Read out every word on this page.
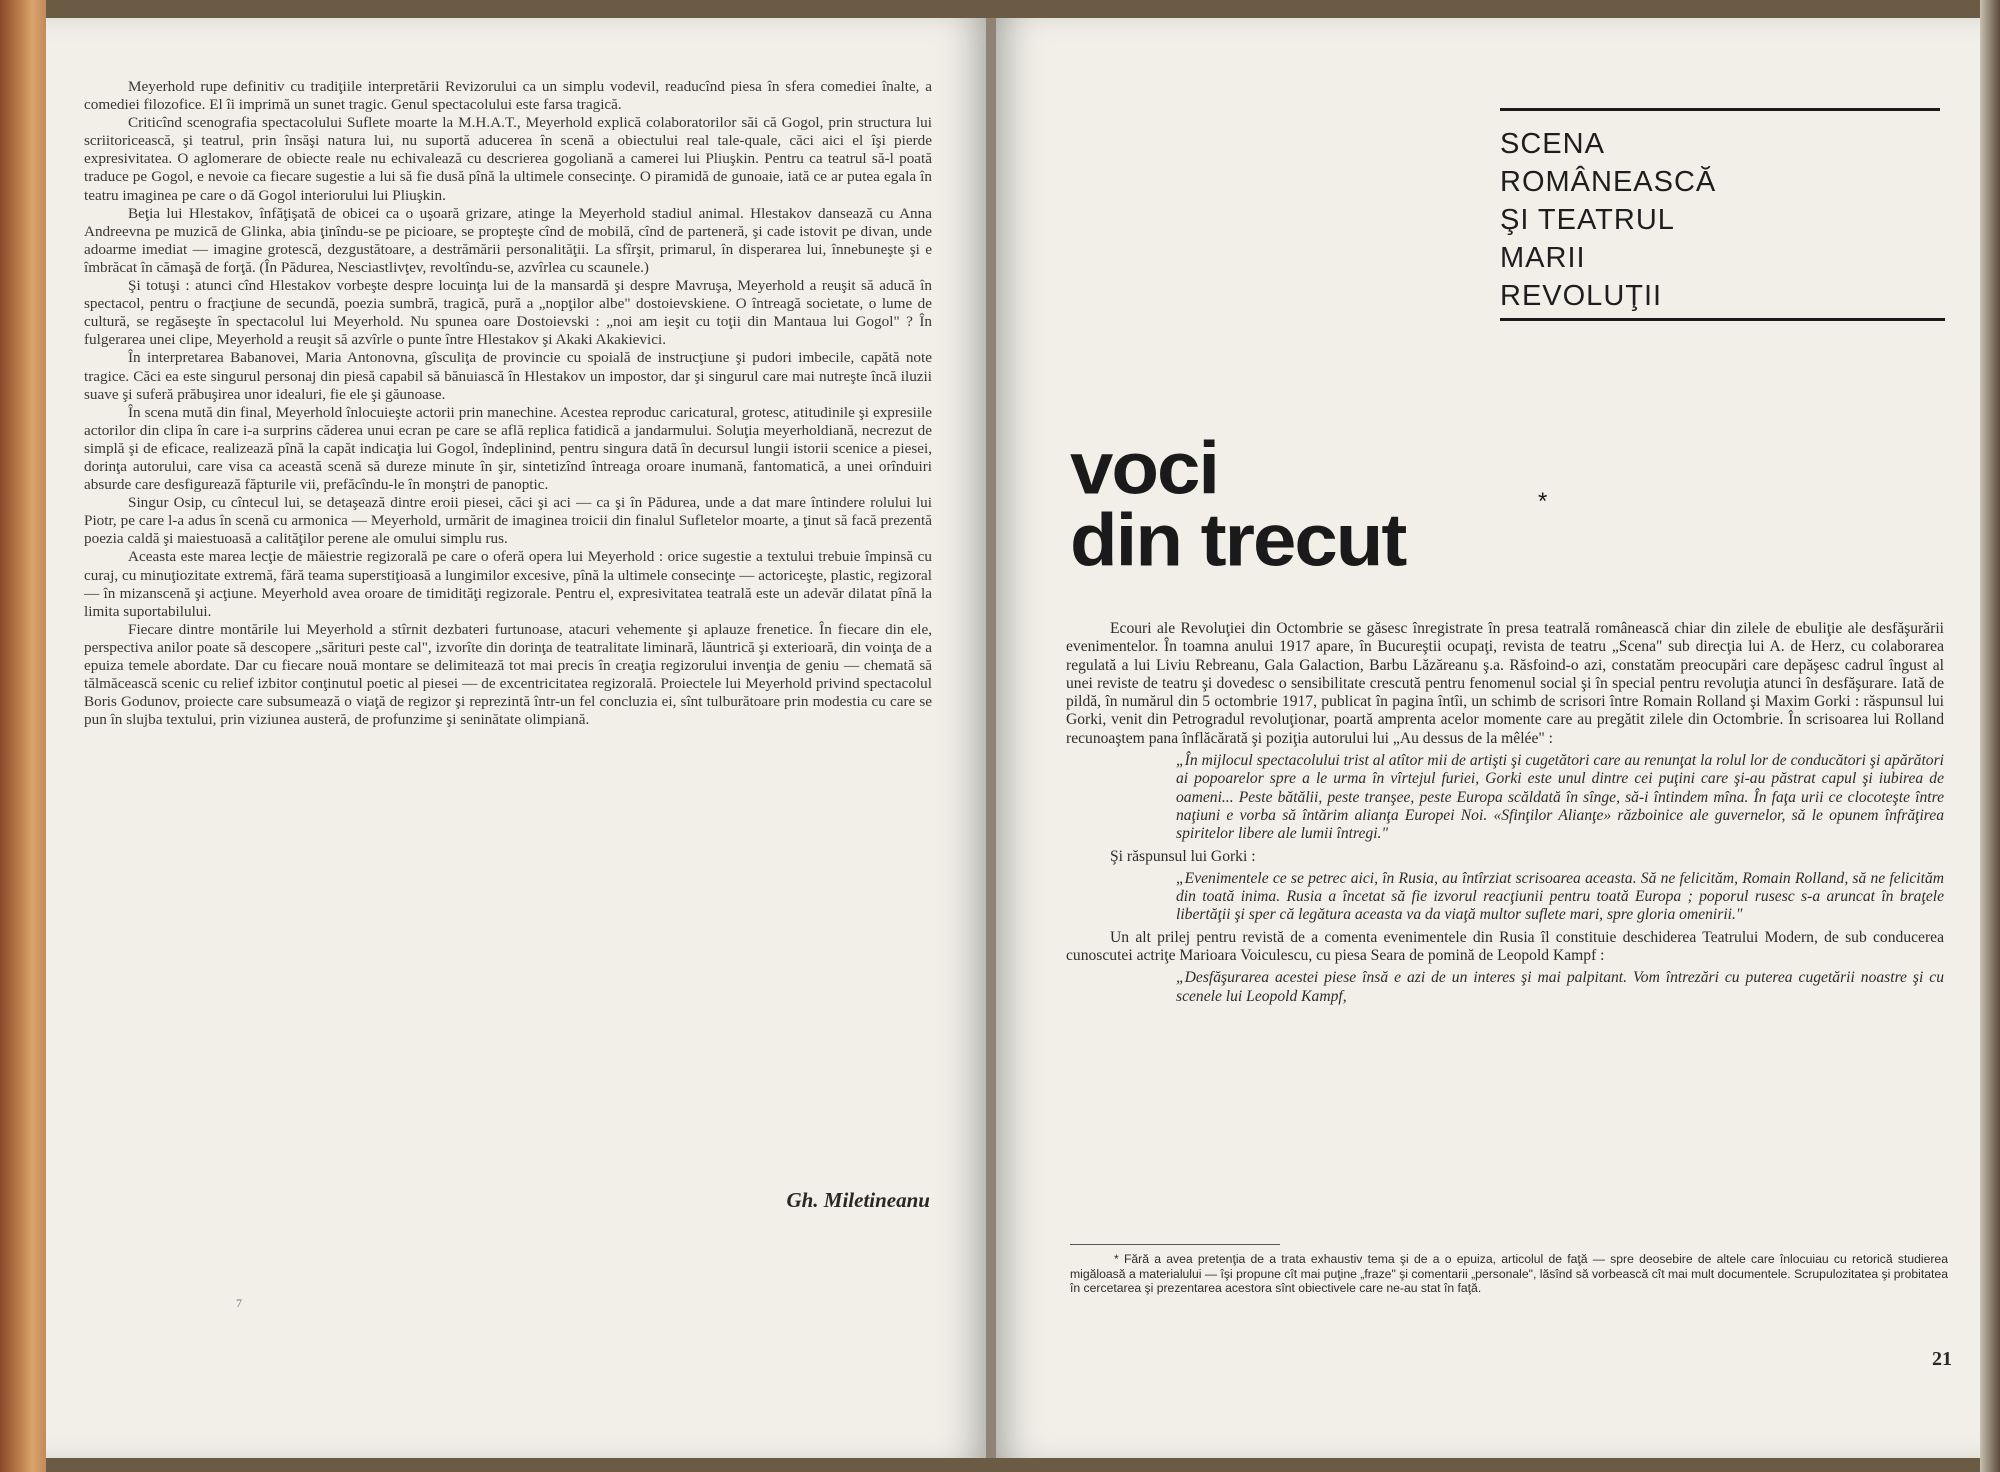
Meyerhold rupe definitiv cu tradiţiile interpretării Revizorului ca un simplu vodevil, readucînd piesa în sfera comediei înalte, a comediei filozofice. El îi imprimă un sunet tragic. Genul spectacolului este farsa tragică.

Criticînd scenografia spectacolului Suflete moarte la M.H.A.T., Meyerhold explică colaboratorilor săi că Gogol, prin structura lui scriitoricească, şi teatrul, prin însăşi natura lui, nu suportă aducerea în scenă a obiectului real tale-quale, căci aici el îşi pierde expresivitatea. O aglomerare de obiecte reale nu echivalează cu descrierea gogoliană a camerei lui Pliuşkin. Pentru ca teatrul să-l poată traduce pe Gogol, e nevoie ca fiecare sugestie a lui să fie dusă pînă la ultimele consecinţe. O piramidă de gunoaie, iată ce ar putea egala în teatru imaginea pe care o dă Gogol interiorului lui Pliuşkin.

Beţia lui Hlestakov, înfăţişată de obicei ca o uşoară grizare, atinge la Meyerhold stadiul animal. Hlestakov dansează cu Anna Andreevna pe muzică de Glinka, abia ţinîndu-se pe picioare, se propteşte cînd de mobilă, cînd de parteneră, şi cade istovit pe divan, unde adoarme imediat — imagine grotescă, dezgustătoare, a destrămării personalităţii. La sfîrşit, primarul, în disperarea lui, înnebuneşte şi e îmbrăcat în cămaşă de forţă. (În Pădurea, Nesciastlivţev, revoltîndu-se, azvîrlea cu scaunele.)

Şi totuşi : atunci cînd Hlestakov vorbeşte despre locuinţa lui de la mansardă şi despre Mavruşa, Meyerhold a reuşit să aducă în spectacol, pentru o fracţiune de secundă, poezia sumbră, tragică, pură a „nopţilor albe" dostoievskiene. O întreagă societate, o lume de cultură, se regăseşte în spectacolul lui Meyerhold. Nu spunea oare Dostoievski : „noi am ieşit cu toţii din Mantaua lui Gogol" ? În fulgerarea unei clipe, Meyerhold a reuşit să azvîrle o punte între Hlestakov şi Akaki Akakievici.

În interpretarea Babanovei, Maria Antonovna, gîsculiţa de provincie cu spoială de instrucţiune şi pudori imbecile, capătă note tragice. Căci ea este singurul personaj din piesă capabil să bănuiască în Hlestakov un impostor, dar şi singurul care mai nutreşte încă iluzii suave şi suferă prăbuşirea unor idealuri, fie ele şi găunoase.

În scena mută din final, Meyerhold înlocuieşte actorii prin manechine. Acestea reproduc caricatural, grotesc, atitudinile şi expresiile actorilor din clipa în care i-a surprins căderea unui ecran pe care se află replica fatidică a jandarmului. Soluţia meyerholdiană, necrezut de simplă şi de eficace, realizează pînă la capăt indicaţia lui Gogol, îndeplinind, pentru singura dată în decursul lungii istorii scenice a piesei, dorinţa autorului, care visa ca această scenă să dureze minute în şir, sintetizînd întreaga oroare inumană, fantomatică, a unei orînduiri absurde care desfigurează făpturile vii, prefăcîndu-le în monştri de panoptic.

Singur Osip, cu cîntecul lui, se detaşează dintre eroii piesei, căci şi aci — ca şi în Pădurea, unde a dat mare întindere rolului lui Piotr, pe care l-a adus în scenă cu armonica — Meyerhold, urmărit de imaginea troicii din finalul Sufletelor moarte, a ţinut să facă prezentă poezia caldă şi maiestuoasă a calităţilor perene ale omului simplu rus.

Aceasta este marea lecţie de măiestrie regizorală pe care o oferă opera lui Meyerhold : orice sugestie a textului trebuie împinsă cu curaj, cu minuţiozitate extremă, fără teama superstiţioasă a lungimilor excesive, pînă la ultimele consecinţe — actoriceşte, plastic, regizoral — în mizanscenă şi acţiune. Meyerhold avea oroare de timidităţi regizorale. Pentru el, expresivitatea teatrală este un adevăr dilatat pînă la limita suportabilului.

Fiecare dintre montările lui Meyerhold a stîrnit dezbateri furtunoase, atacuri vehemente şi aplauze frenetice. În fiecare din ele, perspectiva anilor poate să descopere „sărituri peste cal", izvorîte din dorinţa de teatralitate liminară, lăuntrică şi exterioară, din voinţa de a epuiza temele abordate. Dar cu fiecare nouă montare se delimitează tot mai precis în creaţia regizorului invenţia de geniu — chemată să tălmăcească scenic cu relief izbitor conţinutul poetic al piesei — de excentricitatea regizorală. Proiectele lui Meyerhold privind spectacolul Boris Godunov, proiecte care subsumează o viaţă de regizor şi reprezintă într-un fel concluzia ei, sînt tulburătoare prin modestia cu care se pun în slujba textului, prin viziunea austeră, de profunzime şi seninătate olimpiană.

Gh. Miletineanu
7
SCENA
ROMÂNEASCĂ
ŞI TEATRUL
MARII
REVOLUŢII
voci
din trecut	*

Ecouri ale Revoluţiei din Octombrie se găsesc înregistrate în presa teatrală românească chiar din zilele de ebuliţie ale desfăşurării evenimentelor. În toamna anului 1917 apare, în Bucureştii ocupaţi, revista de teatru „Scena" sub direcţia lui A. de Herz, cu colaborarea regulată a lui Liviu Rebreanu, Gala Galaction, Barbu Lăzăreanu ş.a. Răsfoind-o azi, constatăm preocupări care depăşesc cadrul îngust al unei reviste de teatru şi dovedesc o sensibilitate crescută pentru fenomenul social şi în special pentru revoluţia atunci în desfăşurare. Iată de pildă, în numărul din 5 octombrie 1917, publicat în pagina întîi, un schimb de scrisori între Romain Rolland şi Maxim Gorki : răspunsul lui Gorki, venit din Petrogradul revoluţionar, poartă amprenta acelor momente care au pregătit zilele din Octombrie. În scrisoarea lui Rolland recunoaştem pana înflăcărată şi poziţia autorului lui „Au dessus de la mêlée" :

„În mijlocul spectacolului trist al atîtor mii de artişti şi cugetători care au renunţat la rolul lor de conducători şi apărători ai popoarelor spre a le urma în vîrtejul furiei, Gorki este unul dintre cei puţini care şi-au păstrat capul şi iubirea de oameni... Peste bătălii, peste tranşee, peste Europa scăldată în sînge, să-i întindem mîna. În faţa urii ce clocoteşte între naţiuni e vorba să întărim alianţa Europei Noi. «Sfinţilor Alianţe» războinice ale guvernelor, să le opunem înfrăţirea spiritelor libere ale lumii întregi."

Şi răspunsul lui Gorki :

„Evenimentele ce se petrec aici, în Rusia, au întîrziat scrisoarea aceasta. Să ne felicităm, Romain Rolland, să ne felicităm din toată inima. Rusia a încetat să fie izvorul reacţiunii pentru toată Europa ; poporul rusesc s-a aruncat în braţele libertăţii şi sper că legătura aceasta va da viaţă multor suflete mari, spre gloria omenirii."

Un alt prilej pentru revistă de a comenta evenimentele din Rusia îl constituie deschiderea Teatrului Modern, de sub conducerea cunoscutei actriţe Marioara Voiculescu, cu piesa Seara de pomină de Leopold Kampf :

„Desfăşurarea acestei piese însă e azi de un interes şi mai palpitant. Vom întrezări cu puterea cugetării noastre şi cu scenele lui Leopold Kampf,

* Fără a avea pretenţia de a trata exhaustiv tema şi de a o epuiza, articolul de faţă — spre deosebire de altele care înlocuiau cu retorică studierea migăloasă a materialului — îşi propune cît mai puţine „fraze" şi comentarii „personale", lăsînd să vorbească cît mai mult documentele. Scrupulozitatea şi probitatea în cercetarea şi prezentarea acestora sînt obiectivele care ne-au stat în faţă.

21
